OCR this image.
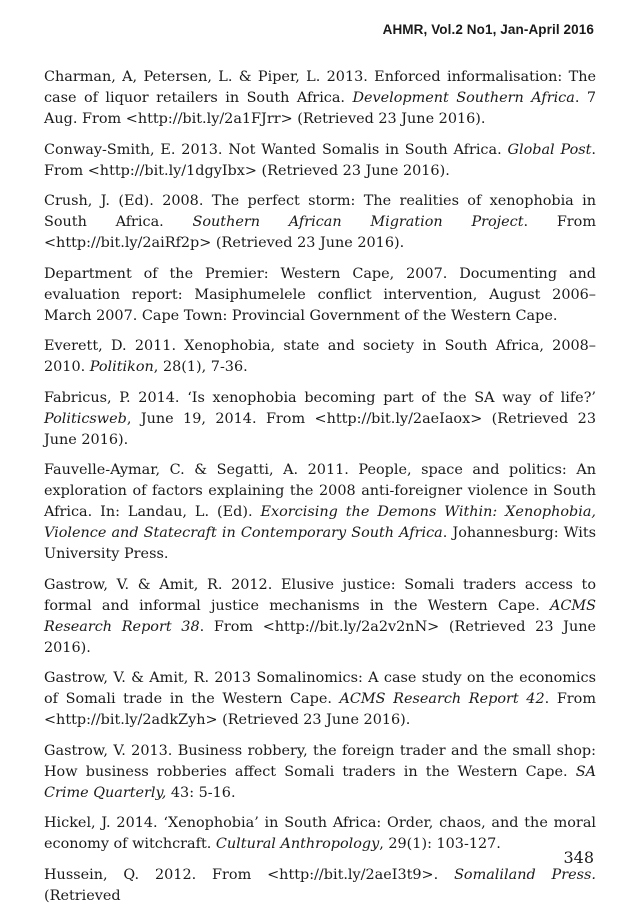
AHMR, Vol.2 No1, Jan-April 2016

Charman, A, Petersen, L. & Piper, L. 2013. Enforced informalisation: The case of liquor retailers in South Africa. Development Southern Africa. 7 Aug. From <http://bit.ly/2a1FJrr> (Retrieved 23 June 2016).

Conway-Smith, E. 2013. Not Wanted Somalis in South Africa. Global Post. From <http://bit.ly/1dgyIbx> (Retrieved 23 June 2016).

Crush, J. (Ed). 2008. The perfect storm: The realities of xenophobia in South Africa. Southern African Migration Project. From <http://bit.ly/2aiRf2p> (Retrieved 23 June 2016).

Department of the Premier: Western Cape, 2007. Documenting and evaluation report: Masiphumelele conflict intervention, August 2006–March 2007. Cape Town: Provincial Government of the Western Cape.

Everett, D. 2011. Xenophobia, state and society in South Africa, 2008–2010. Politikon, 28(1), 7-36.

Fabricus, P. 2014. ‘Is xenophobia becoming part of the SA way of life?’ Politicsweb, June 19, 2014. From <http://bit.ly/2aeIaox> (Retrieved 23 June 2016).

Fauvelle-Aymar, C. & Segatti, A. 2011. People, space and politics: An exploration of factors explaining the 2008 anti-foreigner violence in South Africa. In: Landau, L. (Ed). Exorcising the Demons Within: Xenophobia, Violence and Statecraft in Contemporary South Africa. Johannesburg: Wits University Press.

Gastrow, V. & Amit, R. 2012. Elusive justice: Somali traders access to formal and informal justice mechanisms in the Western Cape. ACMS Research Report 38. From <http://bit.ly/2a2v2nN> (Retrieved 23 June 2016).

Gastrow, V. & Amit, R. 2013 Somalinomics: A case study on the economics of Somali trade in the Western Cape. ACMS Research Report 42. From <http://bit.ly/2adkZyh> (Retrieved 23 June 2016).

Gastrow, V. 2013. Business robbery, the foreign trader and the small shop: How business robberies affect Somali traders in the Western Cape. SA Crime Quarterly, 43: 5-16.

Hickel, J. 2014. ‘Xenophobia’ in South Africa: Order, chaos, and the moral economy of witchcraft. Cultural Anthropology, 29(1): 103-127.

Hussein, Q. 2012. From <http://bit.ly/2aeI3t9>. Somaliland Press. (Retrieved

348
